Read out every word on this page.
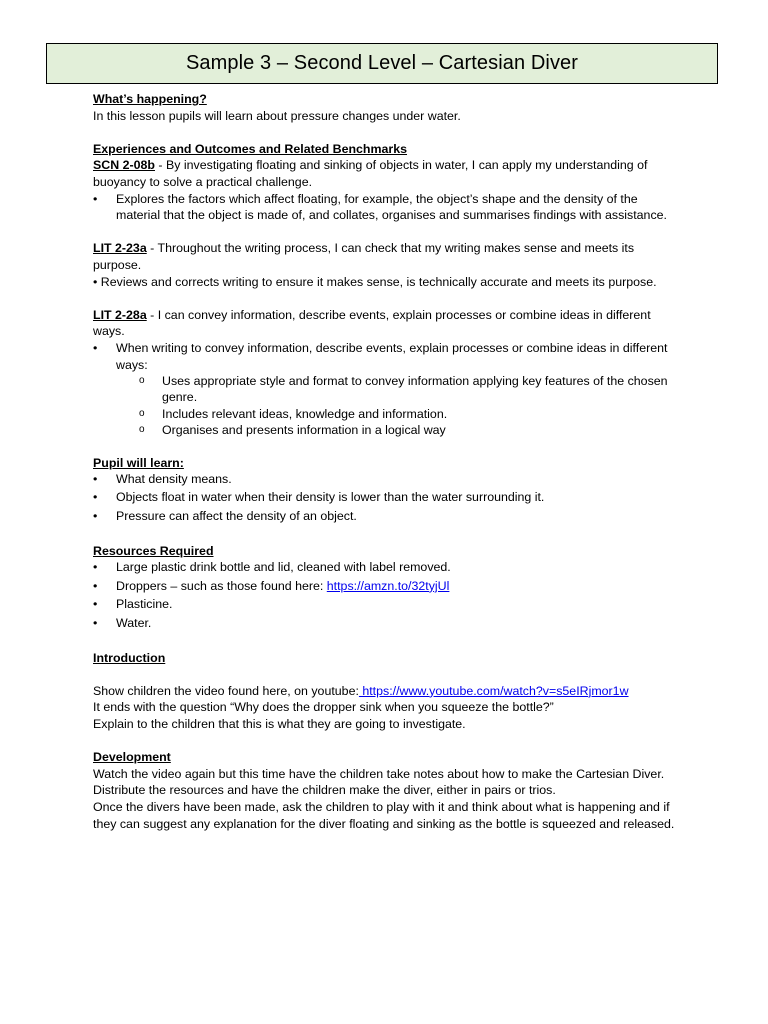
Sample 3 – Second Level – Cartesian Diver

What’s happening?

In this lesson pupils will learn about pressure changes under water.

Experiences and Outcomes and Related Benchmarks

SCN 2-08b - By investigating floating and sinking of objects in water, I can apply my understanding of buoyancy to solve a practical challenge.

• Explores the factors which affect floating, for example, the object’s shape and the density of the material that the object is made of, and collates, organises and summarises findings with assistance.

LIT 2-23a - Throughout the writing process, I can check that my writing makes sense and meets its purpose.

• Reviews and corrects writing to ensure it makes sense, is technically accurate and meets its purpose.

LIT 2-28a - I can convey information, describe events, explain processes or combine ideas in different ways.

• When writing to convey information, describe events, explain processes or combine ideas in different ways:
o Uses appropriate style and format to convey information applying key features of the chosen genre.
o Includes relevant ideas, knowledge and information.
o Organises and presents information in a logical way

Pupil will learn:

• What density means.
• Objects float in water when their density is lower than the water surrounding it.
• Pressure can affect the density of an object.

Resources Required

• Large plastic drink bottle and lid, cleaned with label removed.
• Droppers – such as those found here: https://amzn.to/32tyjUl
• Plasticine.
• Water.

Introduction

Show children the video found here, on youtube: https://www.youtube.com/watch?v=s5eIRjmor1w

It ends with the question “Why does the dropper sink when you squeeze the bottle?”

Explain to the children that this is what they are going to investigate.

Development

Watch the video again but this time have the children take notes about how to make the Cartesian Diver.

Distribute the resources and have the children make the diver, either in pairs or trios.

Once the divers have been made, ask the children to play with it and think about what is happening and if they can suggest any explanation for the diver floating and sinking as the bottle is squeezed and released.
